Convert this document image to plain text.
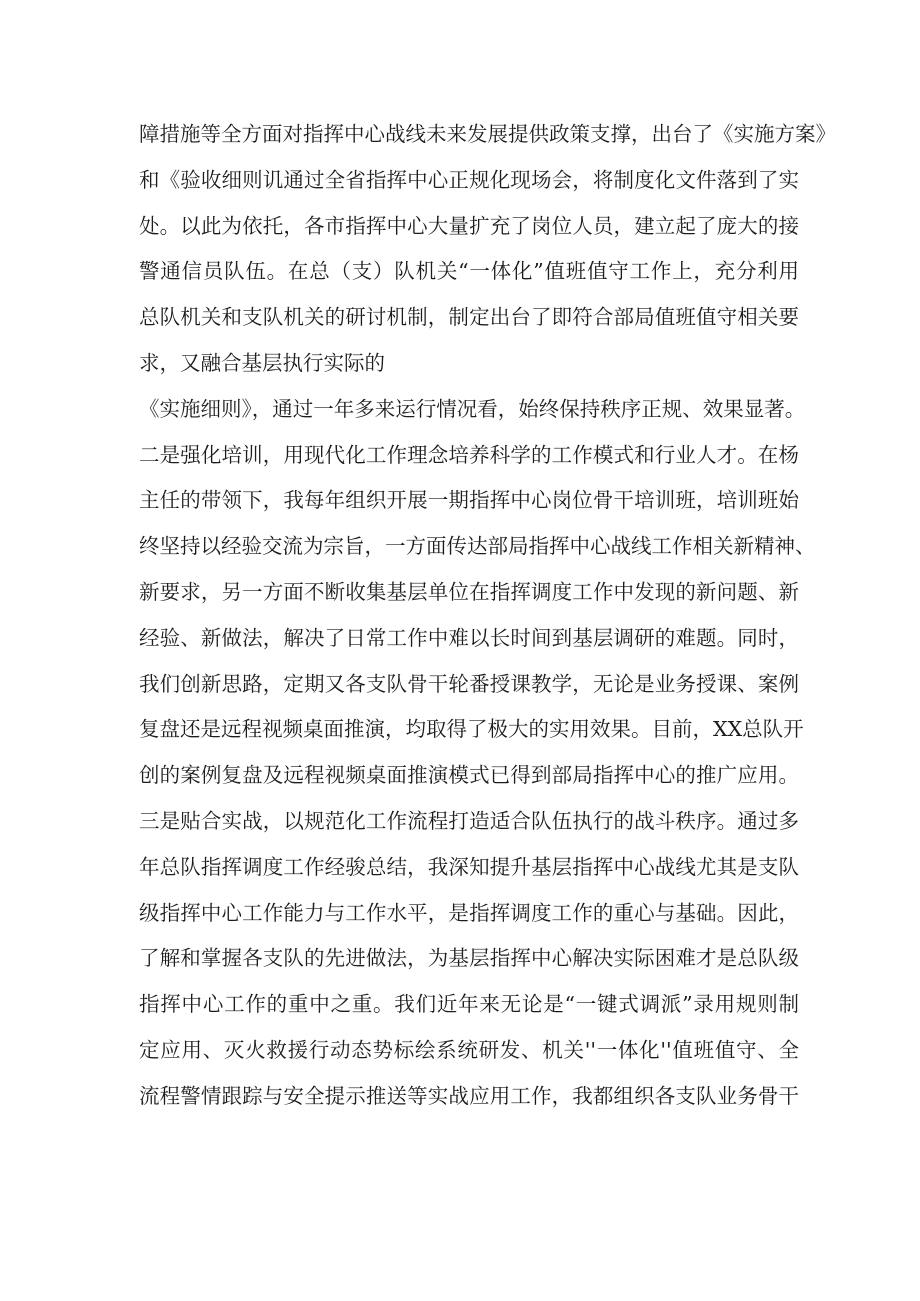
障措施等全方面对指挥中心战线未来发展提供政策支撑，出台了《实施方案》
和《验收细则讥通过全省指挥中心正规化现场会，将制度化文件落到了实
处。以此为依托，各市指挥中心大量扩充了岗位人员，建立起了庞大的接
警通信员队伍。在总（支）队机关“一体化”值班值守工作上，充分利用
总队机关和支队机关的研讨机制，制定出台了即符合部局值班值守相关要
求，又融合基层执行实际的
《实施细则》，通过一年多来运行情况看，始终保持秩序正规、效果显著。
二是强化培训，用现代化工作理念培养科学的工作模式和行业人才。在杨
主任的带领下，我每年组织开展一期指挥中心岗位骨干培训班，培训班始
终坚持以经验交流为宗旨，一方面传达部局指挥中心战线工作相关新精神、
新要求，另一方面不断收集基层单位在指挥调度工作中发现的新问题、新
经验、新做法，解决了日常工作中难以长时间到基层调研的难题。同时，
我们创新思路，定期又各支队骨干轮番授课教学，无论是业务授课、案例
复盘还是远程视频桌面推演，均取得了极大的实用效果。目前，XX总队开
创的案例复盘及远程视频桌面推演模式已得到部局指挥中心的推广应用。
三是贴合实战，以规范化工作流程打造适合队伍执行的战斗秩序。通过多
年总队指挥调度工作经骏总结，我深知提升基层指挥中心战线尤其是支队
级指挥中心工作能力与工作水平，是指挥调度工作的重心与基础。因此，
了解和掌握各支队的先进做法，为基层指挥中心解决实际困难才是总队级
指挥中心工作的重中之重。我们近年来无论是“一键式调派”录用规则制
定应用、灭火救援行动态势标绘系统研发、机关''一体化''值班值守、全
流程警情跟踪与安全提示推送等实战应用工作，我都组织各支队业务骨干
